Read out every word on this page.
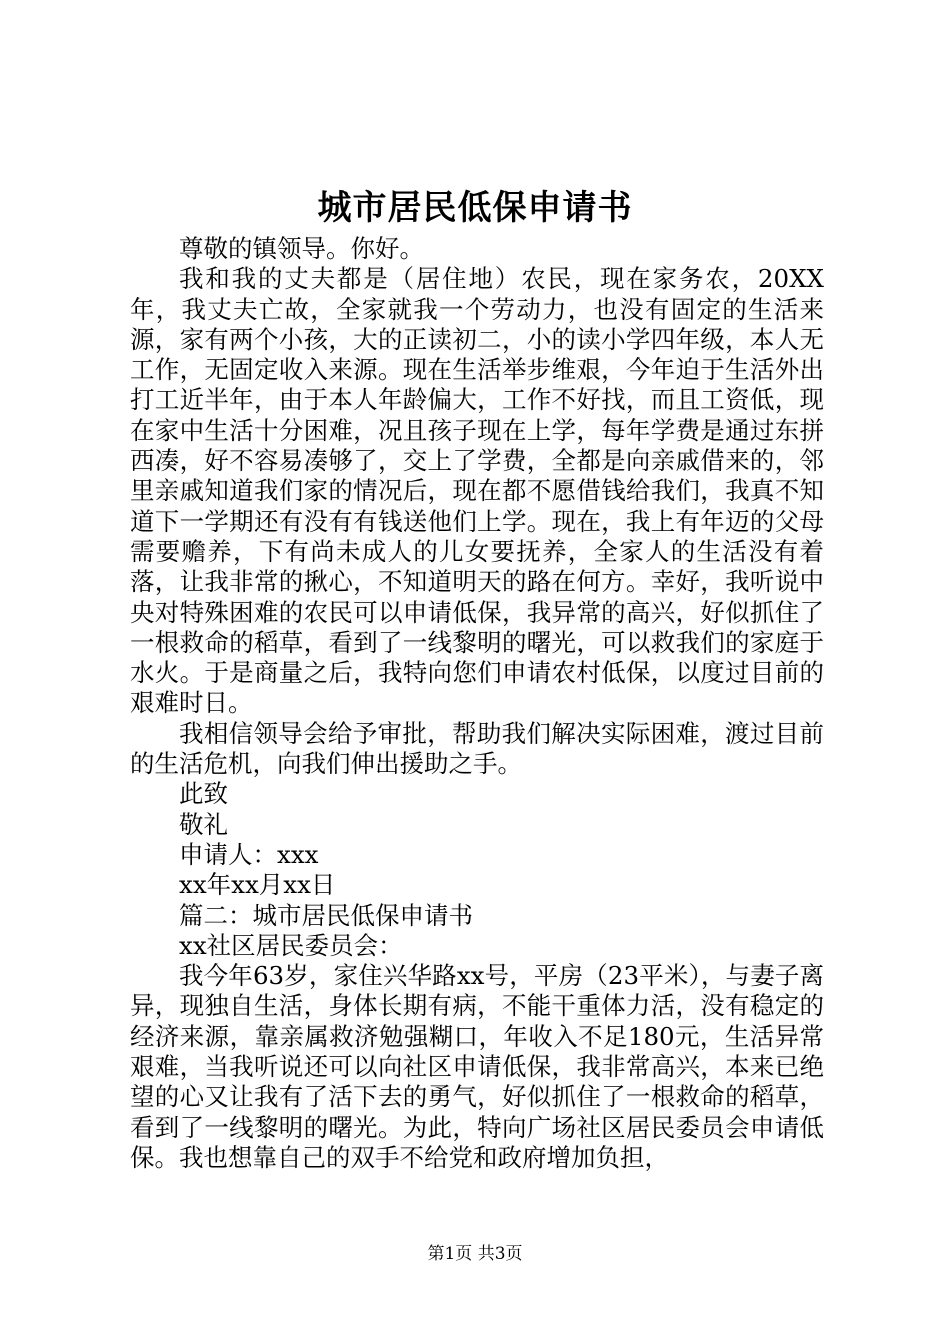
城市居民低保申请书

尊敬的镇领导。你好。

我和我的丈夫都是（居住地）农民，现在家务农，20XX年，我丈夫亡故，全家就我一个劳动力，也没有固定的生活来源，家有两个小孩，大的正读初二，小的读小学四年级，本人无工作，无固定收入来源。现在生活举步维艰，今年迫于生活外出打工近半年，由于本人年龄偏大，工作不好找，而且工资低，现在家中生活十分困难，况且孩子现在上学，每年学费是通过东拼西凑，好不容易凑够了，交上了学费，全都是向亲戚借来的，邻里亲戚知道我们家的情况后，现在都不愿借钱给我们，我真不知道下一学期还有没有有钱送他们上学。现在，我上有年迈的父母需要赡养，下有尚未成人的儿女要抚养，全家人的生活没有着落，让我非常的揪心，不知道明天的路在何方。幸好，我听说中央对特殊困难的农民可以申请低保，我异常的高兴，好似抓住了一根救命的稻草，看到了一线黎明的曙光，可以救我们的家庭于水火。于是商量之后，我特向您们申请农村低保，以度过目前的艰难时日。

我相信领导会给予审批，帮助我们解决实际困难，渡过目前的生活危机，向我们伸出援助之手。

此致

敬礼

申请人：xxx

xx年xx月xx日

篇二：城市居民低保申请书

xx社区居民委员会：

我今年63岁，家住兴华路xx号，平房（23平米），与妻子离异，现独自生活，身体长期有病，不能干重体力活，没有稳定的经济来源，靠亲属救济勉强糊口，年收入不足180元，生活异常艰难，当我听说还可以向社区申请低保，我非常高兴，本来已绝望的心又让我有了活下去的勇气，好似抓住了一根救命的稻草，看到了一线黎明的曙光。为此，特向广场社区居民委员会申请低保。我也想靠自己的双手不给党和政府增加负担，

第1页 共3页
